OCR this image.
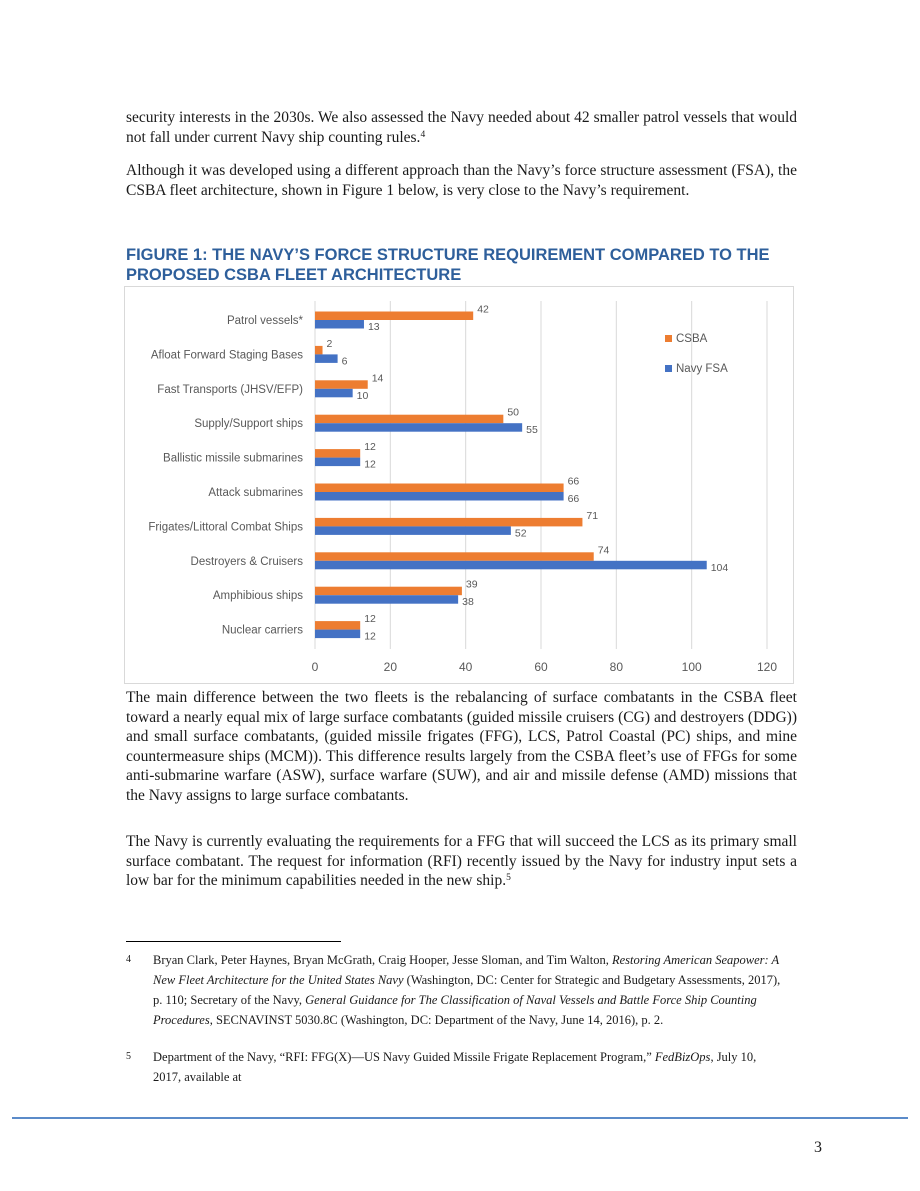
security interests in the 2030s. We also assessed the Navy needed about 42 smaller patrol vessels that would not fall under current Navy ship counting rules.$^4$

Although it was developed using a different approach than the Navy’s force structure assessment (FSA), the CSBA fleet architecture, shown in Figure 1 below, is very close to the Navy’s requirement.

FIGURE 1: THE NAVY’S FORCE STRUCTURE REQUIREMENT COMPARED TO THE PROPOSED CSBA FLEET ARCHITECTURE
0	20	40	60	80	100	120
Patrol vessels*
42
13
Afloat Forward Staging Bases
2
6
Fast Transports (JHSV/EFP)
14
10
Supply/Support ships
50
55
Ballistic missile submarines
12
12
Attack submarines
66
66
Frigates/Littoral Combat Ships
71
52
Destroyers & Cruisers
74
104
Amphibious ships
39
38
Nuclear carriers
12
12
CSBA
Navy FSA

The main difference between the two fleets is the rebalancing of surface combatants in the CSBA fleet toward a nearly equal mix of large surface combatants (guided missile cruisers (CG) and destroyers (DDG)) and small surface combatants, (guided missile frigates (FFG), LCS, Patrol Coastal (PC) ships, and mine countermeasure ships (MCM)). This difference results largely from the CSBA fleet’s use of FFGs for some anti-submarine warfare (ASW), surface warfare (SUW), and air and missile defense (AMD) missions that the Navy assigns to large surface combatants.

The Navy is currently evaluating the requirements for a FFG that will succeed the LCS as its primary small surface combatant. The request for information (RFI) recently issued by the Navy for industry input sets a low bar for the minimum capabilities needed in the new ship.$^5$

4 Bryan Clark, Peter Haynes, Bryan McGrath, Craig Hooper, Jesse Sloman, and Tim Walton, Restoring American Seapower: A New Fleet Architecture for the United States Navy (Washington, DC: Center for Strategic and Budgetary Assessments, 2017), p. 110; Secretary of the Navy, General Guidance for The Classification of Naval Vessels and Battle Force Ship Counting Procedures, SECNAVINST 5030.8C (Washington, DC: Department of the Navy, June 14, 2016), p. 2.
5 Department of the Navy, “RFI: FFG(X)—US Navy Guided Missile Frigate Replacement Program,” FedBizOps, July 10, 2017, available at
3
